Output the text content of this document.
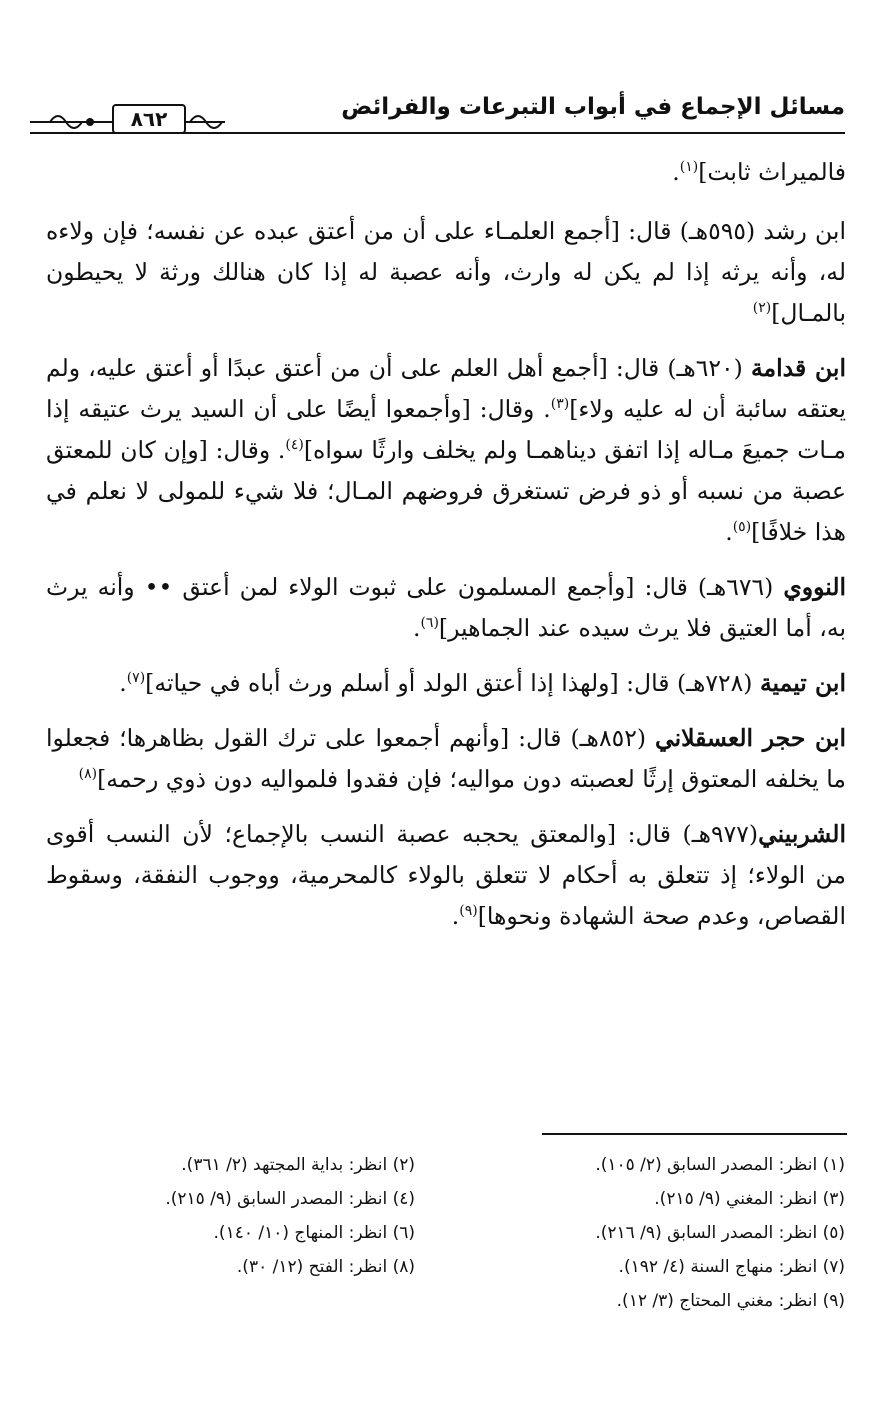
٨٦٢	مسائل الإجماع في أبواب التبرعات والفرائض

فالميراث ثابت]$^{(١)}$.

ابن رشد (٥٩٥هـ) قال: [أجمع العلمـاء على أن من أعتق عبده عن نفسه؛ فإن ولاءه له، وأنه يرثه إذا لم يكن له وارث، وأنه عصبة له إذا كان هنالك ورثة لا يحيطون بالمـال]$^{(٢)}$

ابن قدامة (٦٢٠هـ) قال: [أجمع أهل العلم على أن من أعتق عبدًا أو أعتق عليه، ولم يعتقه سائبة أن له عليه ولاء]$^{(٣)}$. وقال: [وأجمعوا أيضًا على أن السيد يرث عتيقه إذا مـات جميعَ مـاله إذا اتفق ديناهمـا ولم يخلف وارثًا سواه]$^{(٤)}$. وقال: [وإن كان للمعتق عصبة من نسبه أو ذو فرض تستغرق فروضهم المـال؛ فلا شيء للمولى لا نعلم في هذا خلافًا]$^{(٥)}$.

النووي (٦٧٦هـ) قال: [وأجمع المسلمون على ثبوت الولاء لمن أعتق •• وأنه يرث به، أما العتيق فلا يرث سيده عند الجماهير]$^{(٦)}$.

ابن تيمية (٧٢٨هـ) قال: [ولهذا إذا أعتق الولد أو أسلم ورث أباه في حياته]$^{(٧)}$.

ابن حجر العسقلاني (٨٥٢هـ) قال: [وأنهم أجمعوا على ترك القول بظاهرها؛ فجعلوا ما يخلفه المعتوق إرثًا لعصبته دون مواليه؛ فإن فقدوا فلمواليه دون ذوي رحمه]$^{(٨)}$

الشربيني(٩٧٧هـ) قال: [والمعتق يحجبه عصبة النسب بالإجماع؛ لأن النسب أقوى من الولاء؛ إذ تتعلق به أحكام لا تتعلق بالولاء كالمحرمية، ووجوب النفقة، وسقوط القصاص، وعدم صحة الشهادة ونحوها]$^{(٩)}$.

(١) انظر: المصدر السابق (٢/ ١٠٥).
(٣) انظر: المغني (٩/ ٢١٥).
(٥) انظر: المصدر السابق (٩/ ٢١٦).
(٧) انظر: منهاج السنة (٤/ ١٩٢).
(٩) انظر: مغني المحتاج (٣/ ١٢).
(٢) انظر: بداية المجتهد (٢/ ٣٦١).
(٤) انظر: المصدر السابق (٩/ ٢١٥).
(٦) انظر: المنهاج (١٠/ ١٤٠).
(٨) انظر: الفتح (١٢/ ٣٠).
